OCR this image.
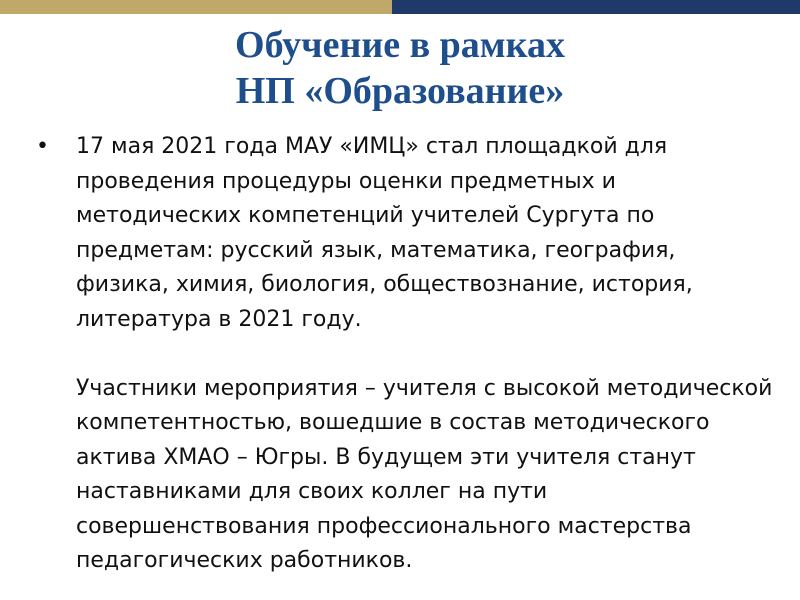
Обучение в рамках
НП «Образование»
• 17 мая 2021 года МАУ «ИМЦ» стал площадкой для проведения процедуры оценки предметных и методических компетенций учителей Сургута по предметам: русский язык, математика, география, физика, химия, биология, обществознание, история, литература в 2021 году.

Участники мероприятия – учителя с высокой методической компетентностью, вошедшие в состав методического актива ХМАО – Югры. В будущем эти учителя станут наставниками для своих коллег на пути совершенствования профессионального мастерства педагогических работников.
